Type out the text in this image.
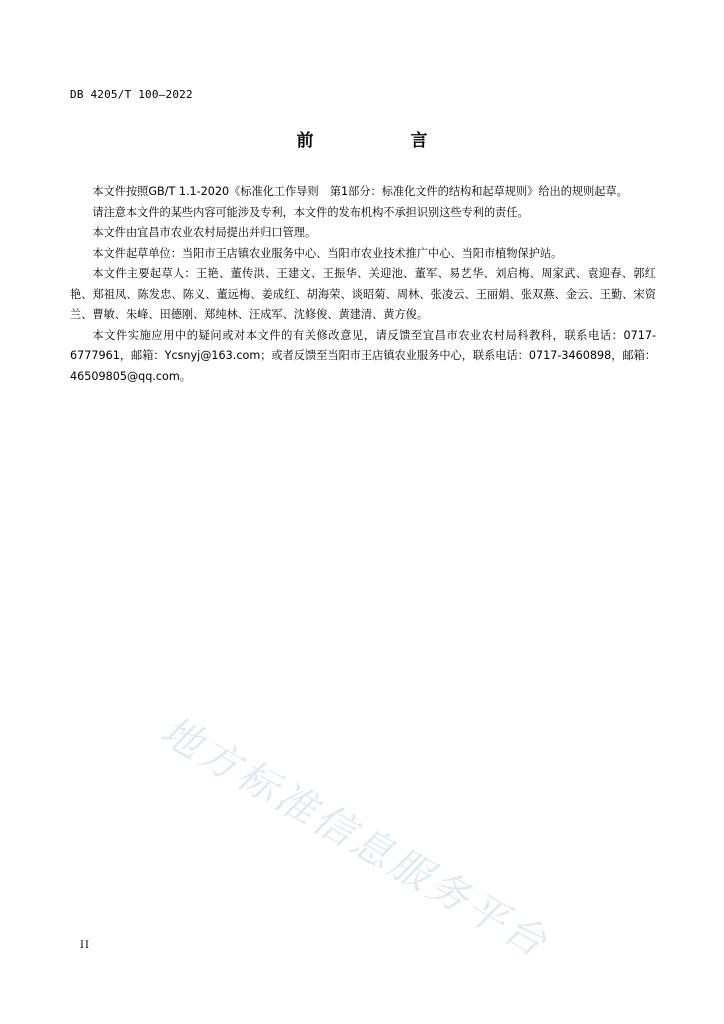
DB 4205/T 100—2022
前　言

本文件按照GB/T 1.1-2020《标准化工作导则　第1部分：标准化文件的结构和起草规则》给出的规则起草。

请注意本文件的某些内容可能涉及专利，本文件的发布机构不承担识别这些专利的责任。

本文件由宜昌市农业农村局提出并归口管理。

本文件起草单位：当阳市王店镇农业服务中心、当阳市农业技术推广中心、当阳市植物保护站。

本文件主要起草人：王艳、董传洪、王建文、王振华、关迎池、董军、易艺华、刘启梅、周家武、袁迎春、郭红艳、郑祖凤、陈发忠、陈义、董远梅、姜成红、胡海荣、谈昭菊、周林、张凌云、王丽娟、张双燕、金云、王勤、宋资兰、曹敏、朱峰、田德刚、郑纯林、汪成军、沈修俊、黄建清、黄方俊。

本文件实施应用中的疑问或对本文件的有关修改意见，请反馈至宜昌市农业农村局科教科，联系电话：0717-6777961，邮箱：Ycsnyj@163.com；或者反馈至当阳市王店镇农业服务中心，联系电话：0717-3460898，邮箱：46509805@qq.com。

地方标准信息服务平台
II
